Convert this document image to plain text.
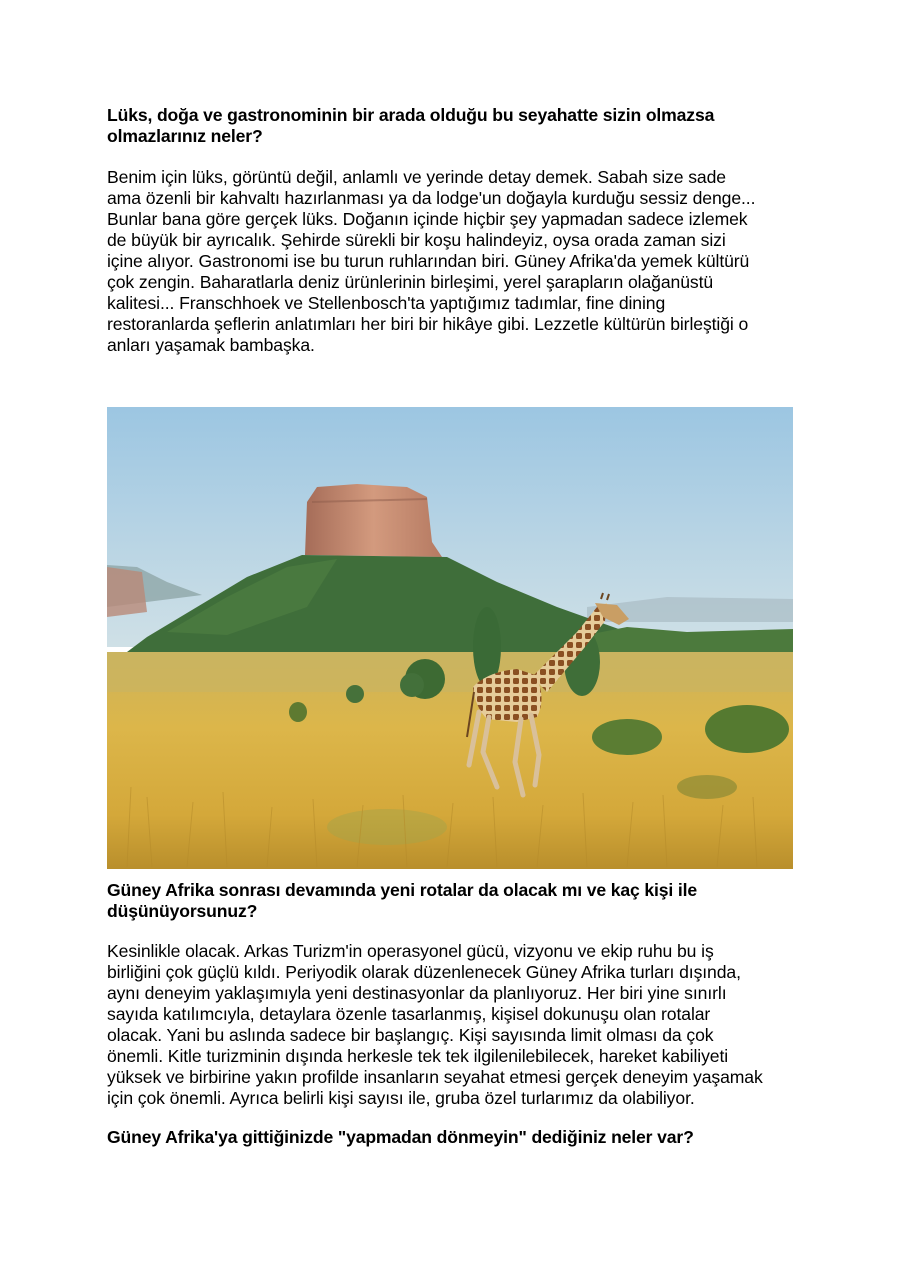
Lüks, doğa ve gastronominin bir arada olduğu bu seyahatte sizin olmazsa
olmazlarınız neler?

Benim için lüks, görüntü değil, anlamlı ve yerinde detay demek. Sabah size sade
ama özenli bir kahvaltı hazırlanması ya da lodge'un doğayla kurduğu sessiz denge...
Bunlar bana göre gerçek lüks. Doğanın içinde hiçbir şey yapmadan sadece izlemek
de büyük bir ayrıcalık. Şehirde sürekli bir koşu halindeyiz, oysa orada zaman sizi
içine alıyor. Gastronomi ise bu turun ruhlarından biri. Güney Afrika'da yemek kültürü
çok zengin. Baharatlarla deniz ürünlerinin birleşimi, yerel şarapların olağanüstü
kalitesi... Franschhoek ve Stellenbosch'ta yaptığımız tadımlar, fine dining
restoranlarda şeflerin anlatımları her biri bir hikâye gibi. Lezzetle kültürün birleştiği o
anları yaşamak bambaşka.

Güney Afrika sonrası devamında yeni rotalar da olacak mı ve kaç kişi ile
düşünüyorsunuz?

Kesinlikle olacak. Arkas Turizm'in operasyonel gücü, vizyonu ve ekip ruhu bu iş
birliğini çok güçlü kıldı. Periyodik olarak düzenlenecek Güney Afrika turları dışında,
aynı deneyim yaklaşımıyla yeni destinasyonlar da planlıyoruz. Her biri yine sınırlı
sayıda katılımcıyla, detaylara özenle tasarlanmış, kişisel dokunuşu olan rotalar
olacak. Yani bu aslında sadece bir başlangıç. Kişi sayısında limit olması da çok
önemli. Kitle turizminin dışında herkesle tek tek ilgilenilebilecek, hareket kabiliyeti
yüksek ve birbirine yakın profilde insanların seyahat etmesi gerçek deneyim yaşamak
için çok önemli. Ayrıca belirli kişi sayısı ile, gruba özel turlarımız da olabiliyor.

Güney Afrika'ya gittiğinizde "yapmadan dönmeyin" dediğiniz neler var?
